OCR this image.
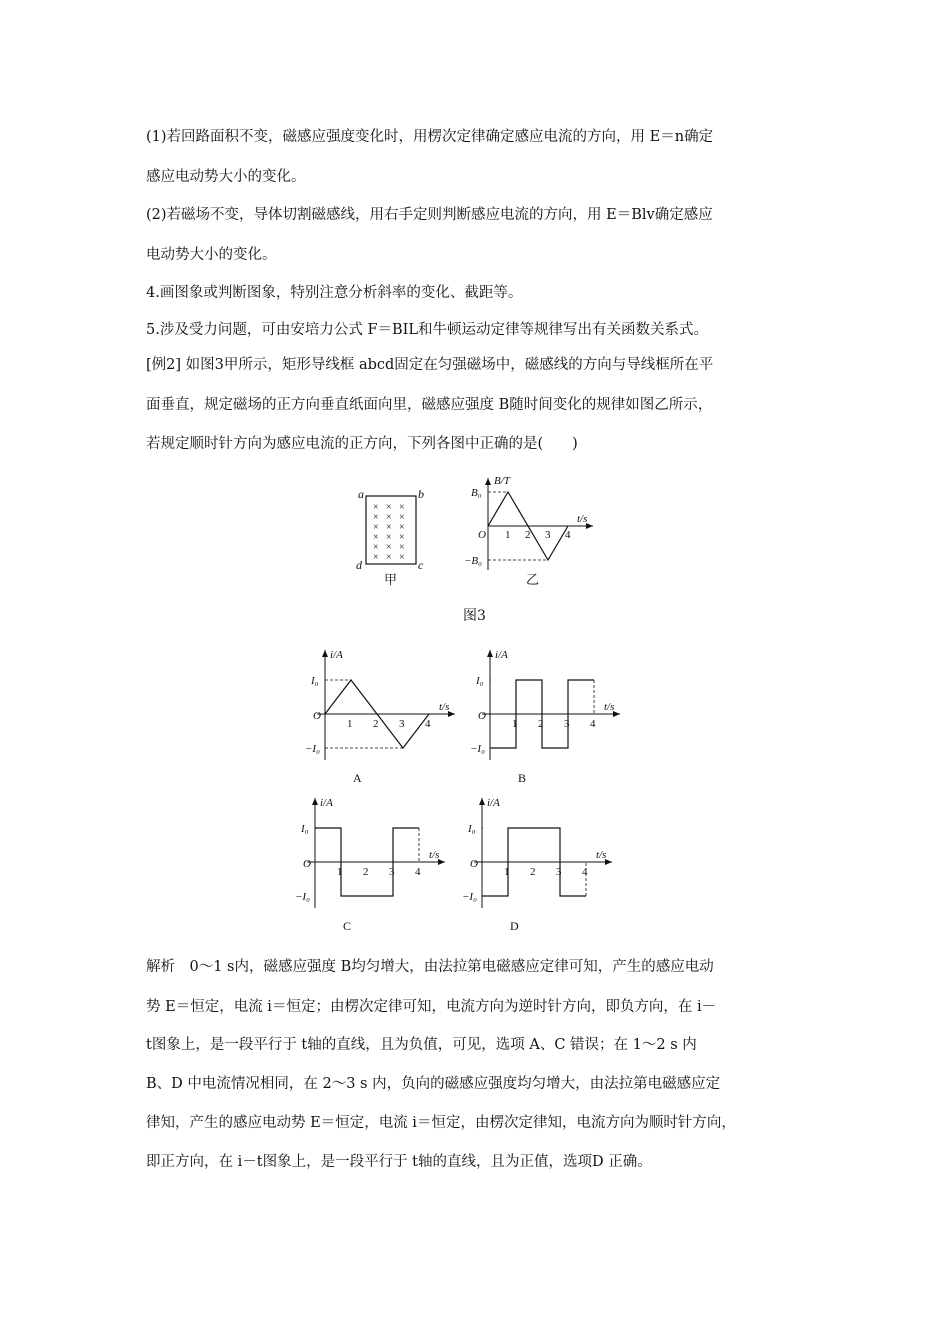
(1)若回路面积不变，磁感应强度变化时，用楞次定律确定感应电流的方向，用 E＝n确定
感应电动势大小的变化。
(2)若磁场不变，导体切割磁感线，用右手定则判断感应电流的方向，用 E＝Blv确定感应
电动势大小的变化。
4.画图象或判断图象，特别注意分析斜率的变化、截距等。
5.涉及受力问题，可由安培力公式 F＝BIL和牛顿运动定律等规律写出有关函数关系式。
[例2] 如图3甲所示，矩形导线框 abcd固定在匀强磁场中，磁感线的方向与导线框所在平
面垂直，规定磁场的正方向垂直纸面向里，磁感应强度 B随时间变化的规律如图乙所示，
若规定顺时针方向为感应电流的正方向，下列各图中正确的是(　　)
a	b
c
d
× × ×
× × ×
× × ×
× × ×
× × ×
× × ×
甲
B/T
t/s
O
B₀
−B₀
1 2 3 4
乙
图3
i/A
t/s
O
I₀
−I₀
1 2 3 4
A
i/A
t/s
O
I₀
−I₀
1 2 3 4
B
i/A
t/s
O
I₀
−I₀
1 2 3 4
C
i/A
t/s
O
I₀
−I₀
1 2 3 4
D
解析　0～1 s内，磁感应强度 B均匀增大，由法拉第电磁感应定律可知，产生的感应电动
势 E＝恒定，电流 i＝恒定；由楞次定律可知，电流方向为逆时针方向，即负方向，在 i－
t图象上，是一段平行于 t轴的直线，且为负值，可见，选项 A、C 错误；在 1～2 s 内
B、D 中电流情况相同，在 2～3 s 内，负向的磁感应强度均匀增大，由法拉第电磁感应定
律知，产生的感应电动势 E＝恒定，电流 i＝恒定，由楞次定律知，电流方向为顺时针方向，
即正方向，在 i－t图象上，是一段平行于 t轴的直线，且为正值，选项D 正确。
